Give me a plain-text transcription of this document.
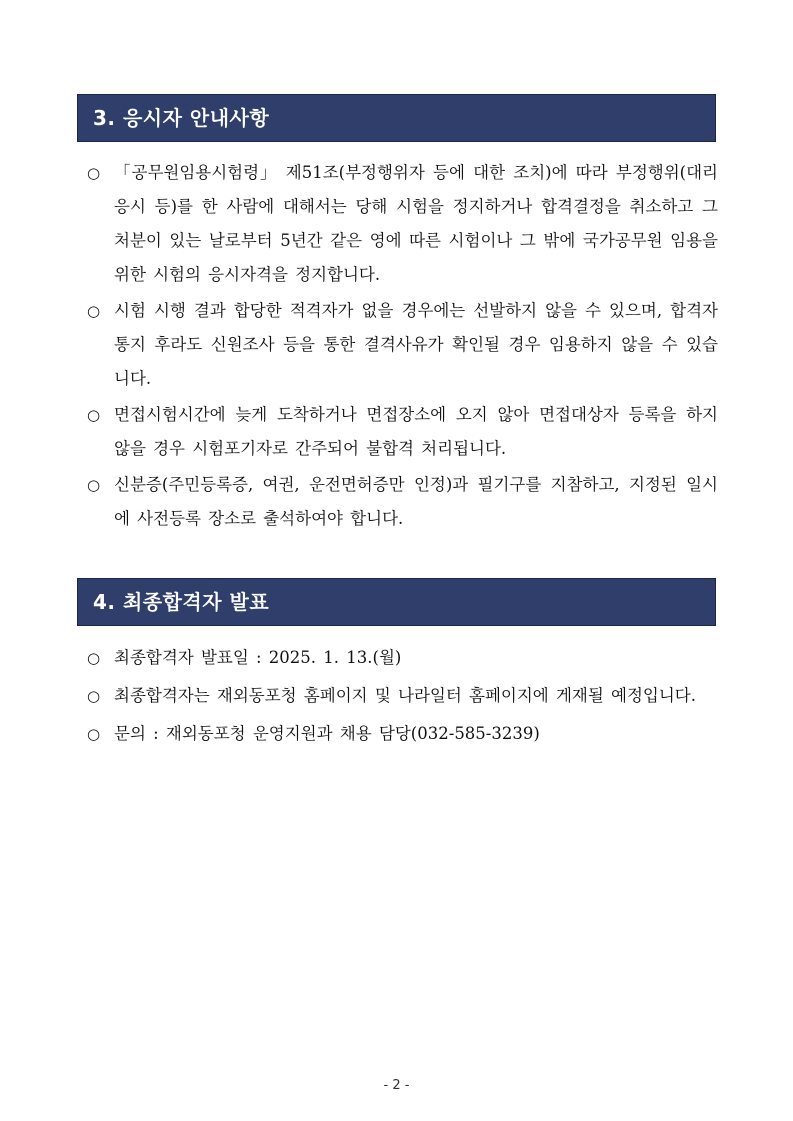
3. 응시자 안내사항
○ 「공무원임용시험령」 제51조(부정행위자 등에 대한 조치)에 따라 부정행위(대리응시 등)를 한 사람에 대해서는 당해 시험을 정지하거나 합격결정을 취소하고 그 처분이 있는 날로부터 5년간 같은 영에 따른 시험이나 그 밖에 국가공무원 임용을 위한 시험의 응시자격을 정지합니다.
○ 시험 시행 결과 합당한 적격자가 없을 경우에는 선발하지 않을 수 있으며, 합격자 통지 후라도 신원조사 등을 통한 결격사유가 확인될 경우 임용하지 않을 수 있습니다.
○ 면접시험시간에 늦게 도착하거나 면접장소에 오지 않아 면접대상자 등록을 하지 않을 경우 시험포기자로 간주되어 불합격 처리됩니다.
○ 신분증(주민등록증, 여권, 운전면허증만 인정)과 필기구를 지참하고, 지정된 일시에 사전등록 장소로 출석하여야 합니다.
4. 최종합격자 발표
○ 최종합격자 발표일 : 2025. 1. 13.(월)
○ 최종합격자는 재외동포청 홈페이지 및 나라일터 홈페이지에 게재될 예정입니다.
○ 문의 : 재외동포청 운영지원과 채용 담당(032-585-3239)
- 2 -
